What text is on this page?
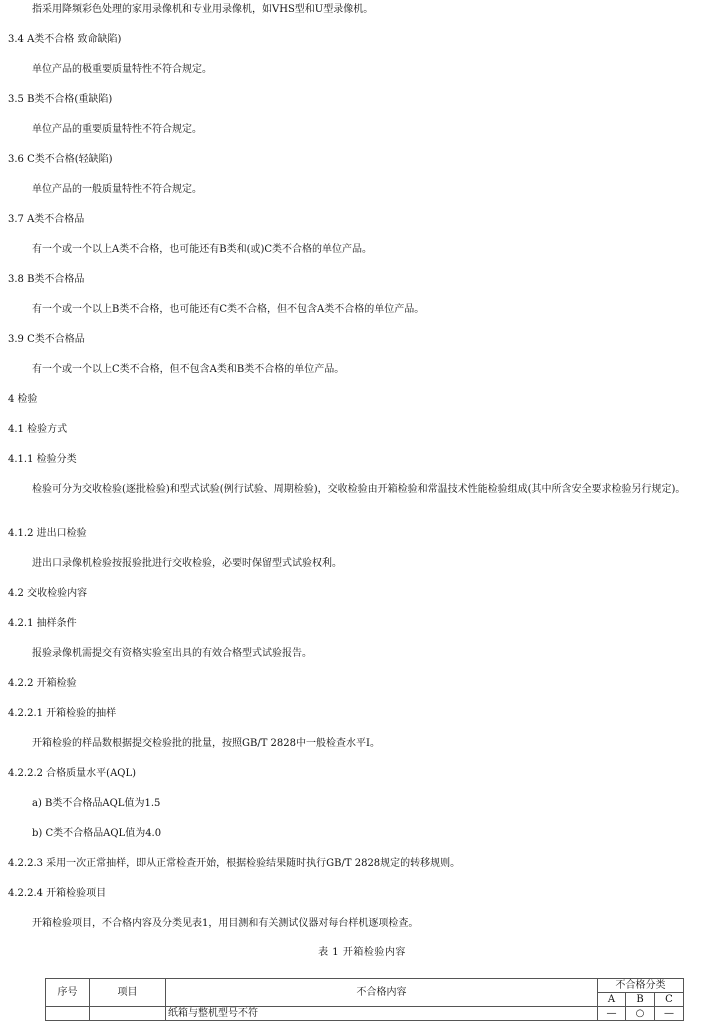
指采用降频彩色处理的家用录像机和专业用录像机，如VHS型和U型录像机。
3.4 A类不合格 致命缺陷)
单位产品的极重要质量特性不符合规定。
3.5 B类不合格(重缺陷)
单位产品的重要质量特性不符合规定。
3.6 C类不合格(轻缺陷)
单位产品的一般质量特性不符合规定。
3.7 A类不合格品
有一个或一个以上A类不合格，也可能还有B类和(或)C类不合格的单位产品。
3.8 B类不合格品
有一个或一个以上B类不合格，也可能还有C类不合格，但不包含A类不合格的单位产品。
3.9 C类不合格品
有一个或一个以上C类不合格，但不包含A类和B类不合格的单位产品。
4 检验
4.1 检验方式
4.1.1 检验分类
检验可分为交收检验(逐批检验)和型式试验(例行试验、周期检验)，交收检验由开箱检验和常温技术性能检验组成(其中所含安全要求检验另行规定)。
4.1.2 进出口检验
进出口录像机检验按报验批进行交收检验，必要时保留型式试验权利。
4.2 交收检验内容
4.2.1 抽样条件
报验录像机需提交有资格实验室出具的有效合格型式试验报告。
4.2.2 开箱检验
4.2.2.1 开箱检验的抽样
开箱检验的样品数根据提交检验批的批量，按照GB/T 2828中一般检查水平Ⅰ。
4.2.2.2 合格质量水平(AQL)
a) B类不合格品AQL值为1.5
b) C类不合格品AQL值为4.0
4.2.2.3 采用一次正常抽样，即从正常检查开始，根据检验结果随时执行GB/T 2828规定的转移规则。
4.2.2.4 开箱检验项目
开箱检验项目，不合格内容及分类见表1，用目测和有关测试仪器对每台样机逐项检查。
表 1 开箱检验内容
序号	项目	不合格内容	不合格分类		
			A	B	C
		纸箱与整机型号不符	—	○	—
